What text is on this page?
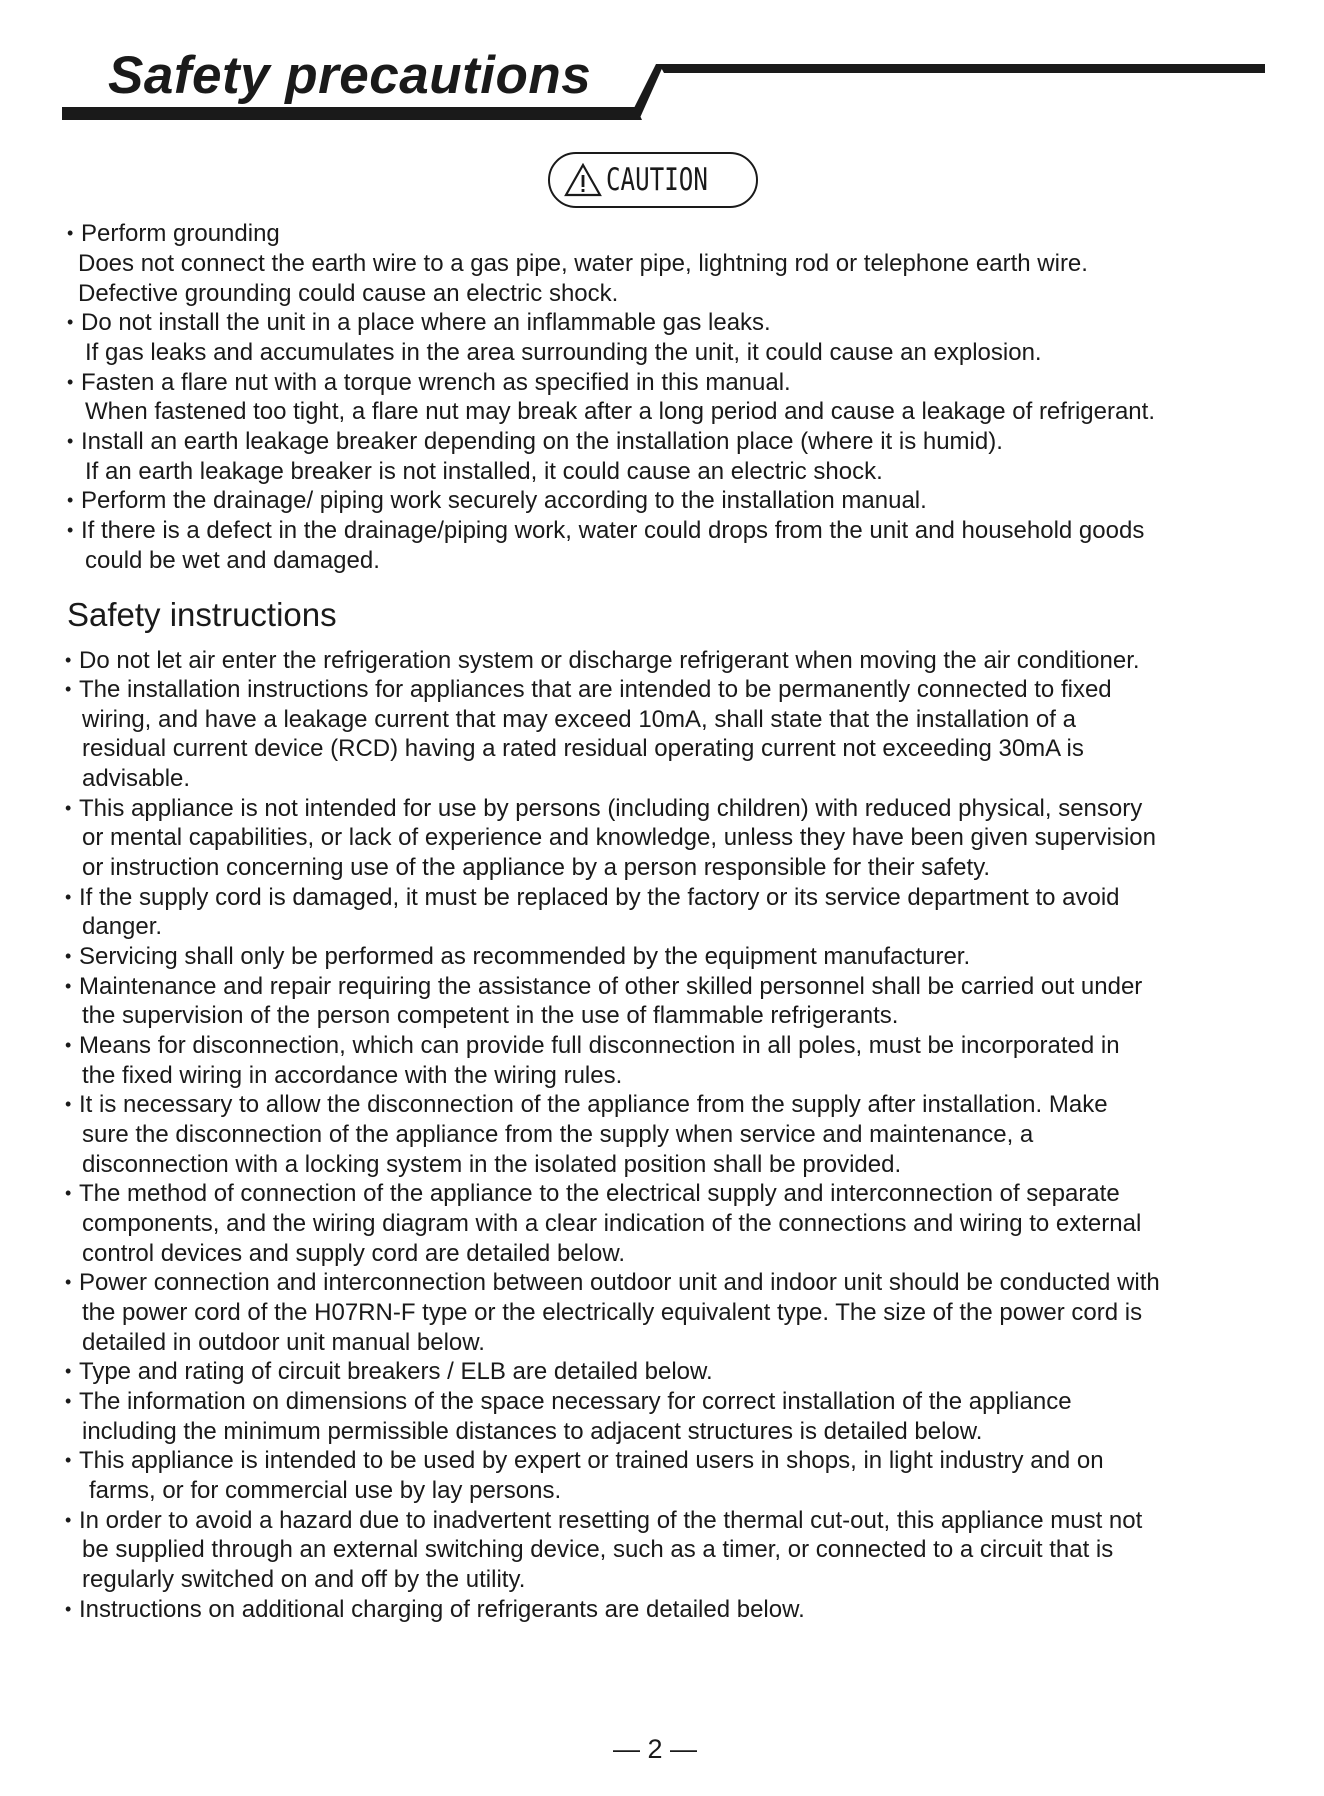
Safety precautions
CAUTION
• Perform grounding
Does not connect the earth wire to a gas pipe, water pipe, lightning rod or telephone earth wire.
Defective grounding could cause an electric shock.
• Do not install the unit in a place where an inflammable gas leaks.
If gas leaks and accumulates in the area surrounding the unit, it could cause an explosion.
• Fasten a flare nut with a torque wrench as specified in this manual.
When fastened too tight, a flare nut may break after a long period and cause a leakage of refrigerant.
• Install an earth leakage breaker depending on the installation place (where it is humid).
If an earth leakage breaker is not installed, it could cause an electric shock.
• Perform the drainage/ piping work securely according to the installation manual.
• If there is a defect in the drainage/piping work, water could drops from the unit and household goods
could be wet and damaged.
Safety instructions
• Do not let air enter the refrigeration system or discharge refrigerant when moving the air conditioner.
• The installation instructions for appliances that are intended to be permanently connected to fixed
wiring, and have a leakage current that may exceed 10mA, shall state that the installation of a
residual current device (RCD) having a rated residual operating current not exceeding 30mA is
advisable.
• This appliance is not intended for use by persons (including children) with reduced physical, sensory
or mental capabilities, or lack of experience and knowledge, unless they have been given supervision
or instruction concerning use of the appliance by a person responsible for their safety.
• If the supply cord is damaged, it must be replaced by the factory or its service department to avoid
danger.
• Servicing shall only be performed as recommended by the equipment manufacturer.
• Maintenance and repair requiring the assistance of other skilled personnel shall be carried out under
the supervision of the person competent in the use of flammable refrigerants.
• Means for disconnection, which can provide full disconnection in all poles, must be incorporated in
the fixed wiring in accordance with the wiring rules.
• It is necessary to allow the disconnection of the appliance from the supply after installation. Make
sure the disconnection of the appliance from the supply when service and maintenance, a
disconnection with a locking system in the isolated position shall be provided.
• The method of connection of the appliance to the electrical supply and interconnection of separate
components, and the wiring diagram with a clear indication of the connections and wiring to external
control devices and supply cord are detailed below.
• Power connection and interconnection between outdoor unit and indoor unit should be conducted with
the power cord of the H07RN-F type or the electrically equivalent type. The size of the power cord is
detailed in outdoor unit manual below.
• Type and rating of circuit breakers / ELB are detailed below.
• The information on dimensions of the space necessary for correct installation of the appliance
including the minimum permissible distances to adjacent structures is detailed below.
• This appliance is intended to be used by expert or trained users in shops, in light industry and on
farms, or for commercial use by lay persons.
• In order to avoid a hazard due to inadvertent resetting of the thermal cut-out, this appliance must not
be supplied through an external switching device, such as a timer, or connected to a circuit that is
regularly switched on and off by the utility.
• Instructions on additional charging of refrigerants are detailed below.
— 2 —
